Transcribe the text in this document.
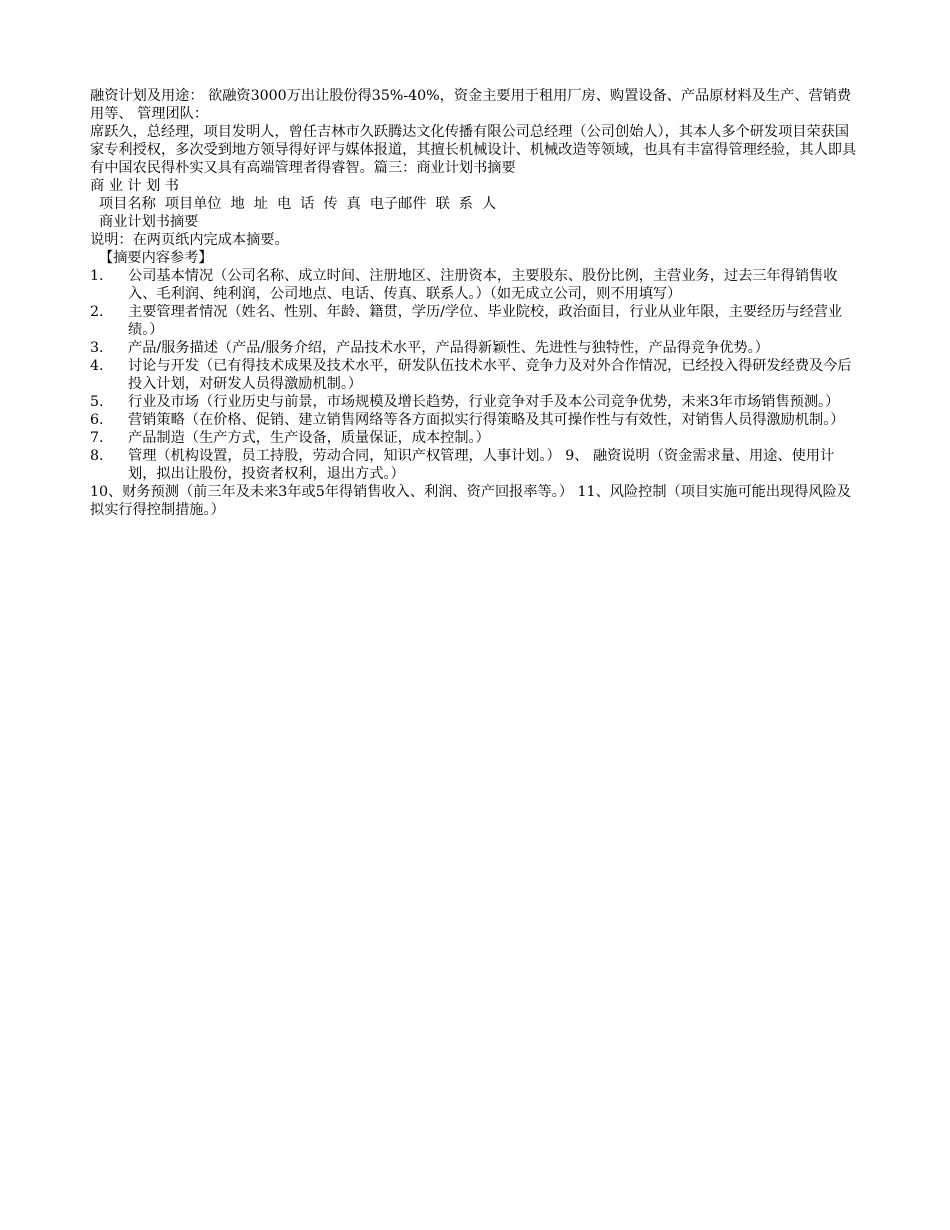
融资计划及用途： 欲融资3000万出让股份得35%-40%，资金主要用于租用厂房、购置设备、产品原材料及生产、营销费用等、 管理团队：
席跃久，总经理，项目发明人，曾任吉林市久跃腾达文化传播有限公司总经理（公司创始人），其本人多个研发项目荣获国家专利授权，多次受到地方领导得好评与媒体报道，其擅长机械设计、机械改造等领域，也具有丰富得管理经验，其人即具有中国农民得朴实又具有高端管理者得睿智。篇三：商业计划书摘要
商 业 计 划 书
项目名称  项目单位  地  址  电  话  传  真  电子邮件  联  系  人
商业计划书摘要
说明：在两页纸内完成本摘要。
【摘要内容参考】
1.	公司基本情况（公司名称、成立时间、注册地区、注册资本，主要股东、股份比例，主营业务，过去三年得销售收入、毛利润、纯利润，公司地点、电话、传真、联系人。）（如无成立公司，则不用填写）
2.	主要管理者情况（姓名、性别、年龄、籍贯，学历/学位、毕业院校，政治面目，行业从业年限，主要经历与经营业绩。）
3.	产品/服务描述（产品/服务介绍，产品技术水平，产品得新颖性、先进性与独特性，产品得竞争优势。）
4.	讨论与开发（已有得技术成果及技术水平，研发队伍技术水平、竞争力及对外合作情况，已经投入得研发经费及今后投入计划，对研发人员得激励机制。）
5.	行业及市场（行业历史与前景，市场规模及增长趋势，行业竞争对手及本公司竞争优势，未来3年市场销售预测。）
6.	营销策略（在价格、促销、建立销售网络等各方面拟实行得策略及其可操作性与有效性，对销售人员得激励机制。）
7.	产品制造（生产方式，生产设备，质量保证，成本控制。）
8.	管理（机构设置，员工持股，劳动合同，知识产权管理，人事计划。） 9、 融资说明（资金需求量、用途、使用计划，拟出让股份，投资者权利，退出方式。）
10、财务预测（前三年及未来3年或5年得销售收入、利润、资产回报率等。） 11、风险控制（项目实施可能出现得风险及拟实行得控制措施。）
